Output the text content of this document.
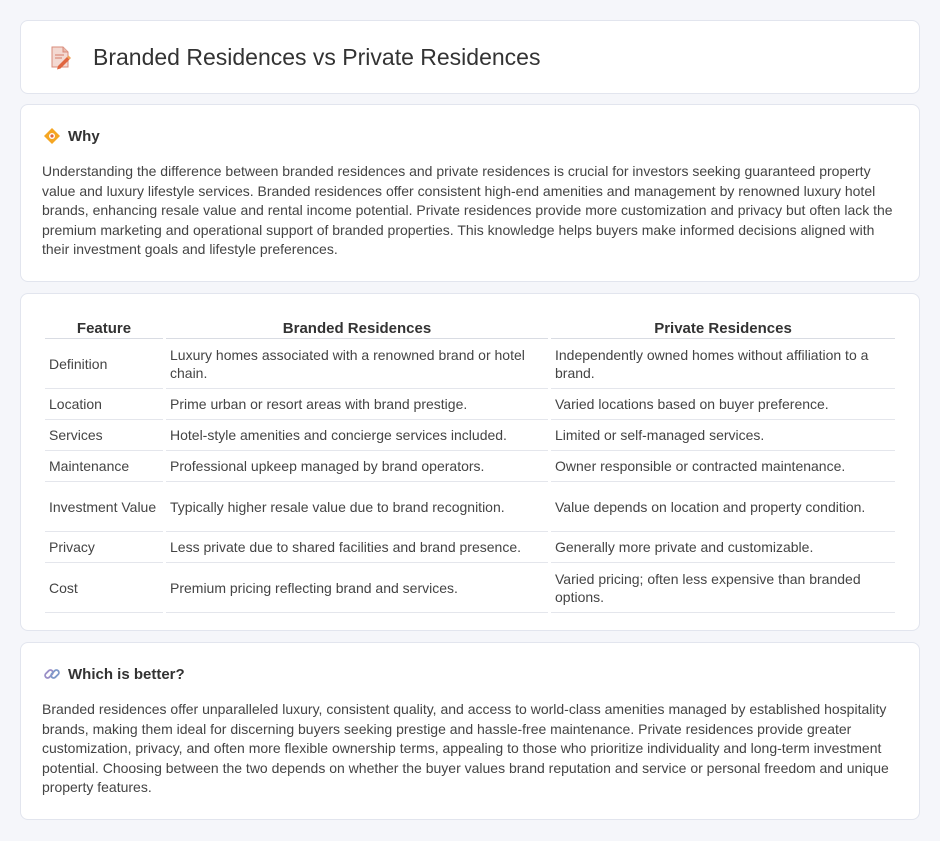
Branded Residences vs Private Residences
Why

Understanding the difference between branded residences and private residences is crucial for investors seeking guaranteed property value and luxury lifestyle services. Branded residences offer consistent high-end amenities and management by renowned luxury hotel brands, enhancing resale value and rental income potential. Private residences provide more customization and privacy but often lack the premium marketing and operational support of branded properties. This knowledge helps buyers make informed decisions aligned with their investment goals and lifestyle preferences.

Feature	Branded Residences	Private Residences
Definition	Luxury homes associated with a renowned brand or hotel chain.	Independently owned homes without affiliation to a brand.
Location	Prime urban or resort areas with brand prestige.	Varied locations based on buyer preference.
Services	Hotel-style amenities and concierge services included.	Limited or self-managed services.
Maintenance	Professional upkeep managed by brand operators.	Owner responsible or contracted maintenance.
Investment Value	Typically higher resale value due to brand recognition.	Value depends on location and property condition.
Privacy	Less private due to shared facilities and brand presence.	Generally more private and customizable.
Cost	Premium pricing reflecting brand and services.	Varied pricing; often less expensive than branded options.
Which is better?

Branded residences offer unparalleled luxury, consistent quality, and access to world-class amenities managed by established hospitality brands, making them ideal for discerning buyers seeking prestige and hassle-free maintenance. Private residences provide greater customization, privacy, and often more flexible ownership terms, appealing to those who prioritize individuality and long-term investment potential. Choosing between the two depends on whether the buyer values brand reputation and service or personal freedom and unique property features.
